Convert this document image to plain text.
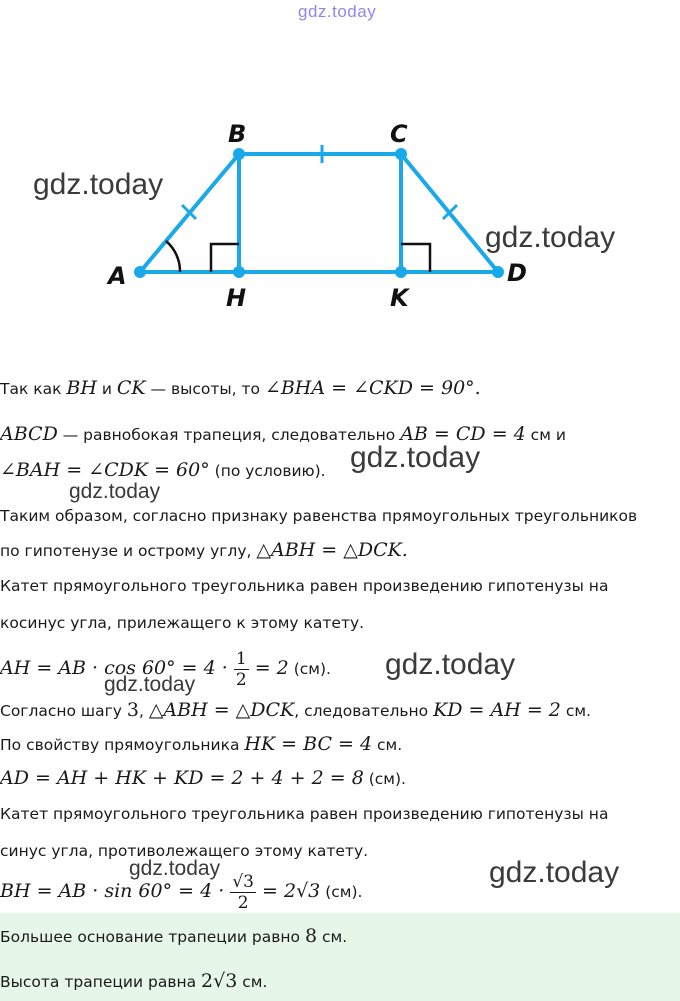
gdz.today
A
B	C
D
H	K
gdz.today
gdz.today
Так как BH и CK — высоты, то ∠BHA = ∠CKD = 90°.
ABCD — равнобокая трапеция, следовательно AB = CD = 4 см и
∠BAH = ∠CDK = 60° (по условию). gdz.today
gdz.today
Таким образом, согласно признаку равенства прямоугольных треугольников
по гипотенузе и острому углу, △ABH = △DCK.
Катет прямоугольного треугольника равен произведению гипотенузы на
косинус угла, прилежащего к этому катету.
AH = AB · $\cos 60^\circ = 4 \cdot \frac{1}{2} = 2$ (см). gdz.today
gdz.today
Согласно шагу 3, △ABH = △DCK, следовательно KD = AH = 2 см.
По свойству прямоугольника HK = BC = 4 см.
AD = AH + HK + KD = 2 + 4 + 2 = 8 (см).
Катет прямоугольного треугольника равен произведению гипотенузы на
синус угла, противолежащего этому катету.
gdz.today	gdz.today
BH = AB · $\sin 60^\circ = 4 \cdot \frac{√3}{2} = 2√3$ (см).
Большее основание трапеции равно 8 см.
Высота трапеции равна 2√3 см.
